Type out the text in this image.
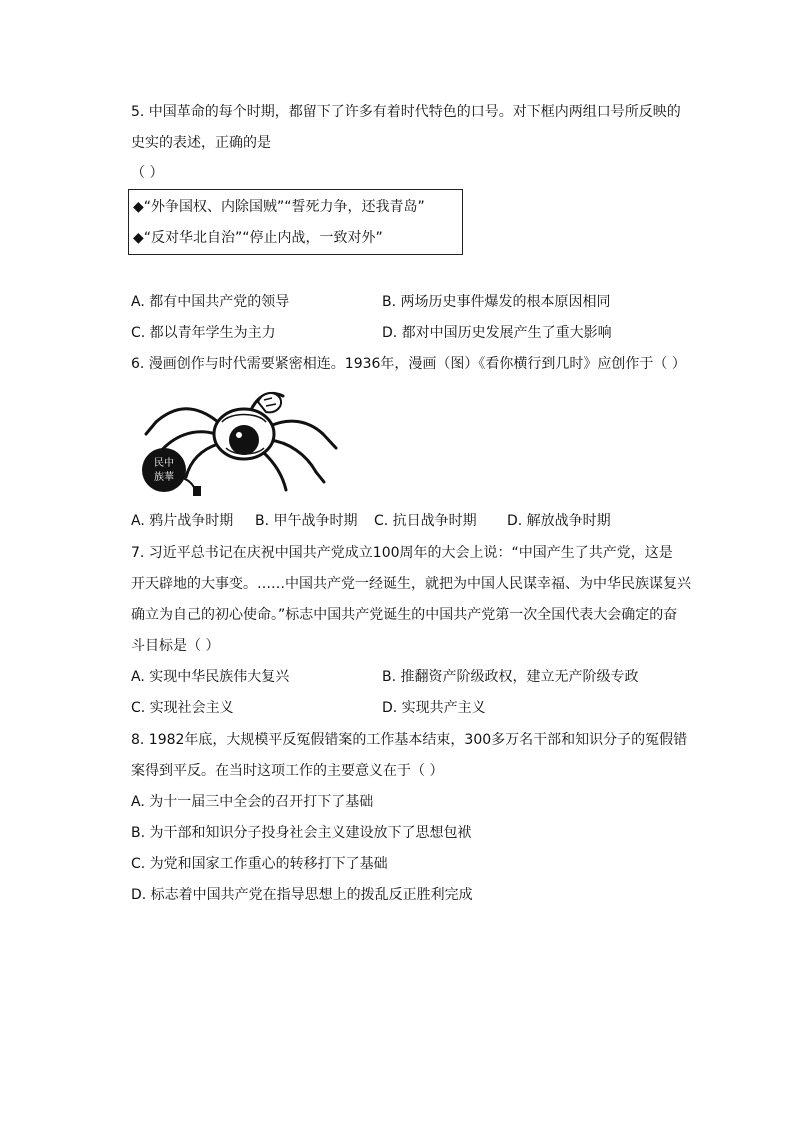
5. 中国革命的每个时期，都留下了许多有着时代特色的口号。对下框内两组口号所反映的
史实的表述，正确的是
（ ）
◆“外争国权、内除国贼”“誓死力争，还我青岛”
◆“反对华北自治”“停止内战，一致对外”
A. 都有中国共产党的领导	B. 两场历史事件爆发的根本原因相同
C. 都以青年学生为主力	D. 都对中国历史发展产生了重大影响
6. 漫画创作与时代需要紧密相连。1936年，漫画（图）《看你横行到几时》应创作于（ ）
民中
族華
A. 鸦片战争时期 B. 甲午战争时期 C. 抗日战争时期 D. 解放战争时期
7. 习近平总书记在庆祝中国共产党成立100周年的大会上说：“中国产生了共产党，这是
开天辟地的大事变。……中国共产党一经诞生，就把为中国人民谋幸福、为中华民族谋复兴
确立为自己的初心使命。”标志中国共产党诞生的中国共产党第一次全国代表大会确定的奋
斗目标是（ ）
A. 实现中华民族伟大复兴	B. 推翻资产阶级政权，建立无产阶级专政
C. 实现社会主义	D. 实现共产主义
8. 1982年底，大规模平反冤假错案的工作基本结束，300多万名干部和知识分子的冤假错
案得到平反。在当时这项工作的主要意义在于（ ）
A. 为十一届三中全会的召开打下了基础
B. 为干部和知识分子投身社会主义建设放下了思想包袱
C. 为党和国家工作重心的转移打下了基础
D. 标志着中国共产党在指导思想上的拨乱反正胜利完成
